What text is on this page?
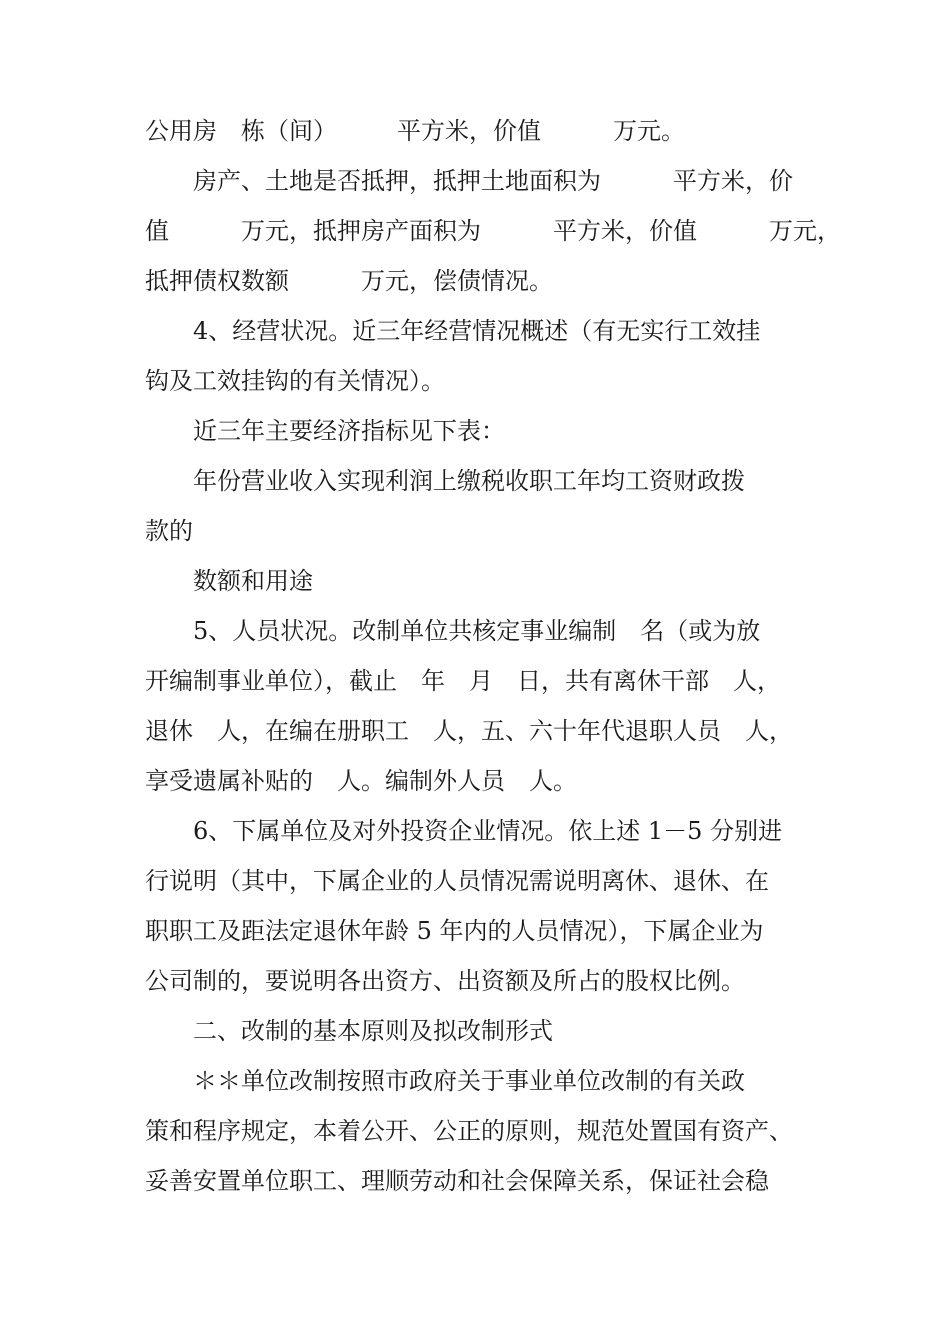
公用房　栋（间）　　　平方米，价值　　　万元。
　　房产、土地是否抵押，抵押土地面积为　　　平方米，价
值　　　万元，抵押房产面积为　　　平方米，价值　　　万元，
抵押债权数额　　　万元，偿债情况。
　　4、经营状况。近三年经营情况概述（有无实行工效挂
钩及工效挂钩的有关情况）。
　　近三年主要经济指标见下表：
　　年份营业收入实现利润上缴税收职工年均工资财政拨
款的
　　数额和用途
　　5、人员状况。改制单位共核定事业编制　名（或为放
开编制事业单位），截止　年　月　日，共有离休干部　人，
退休　人，在编在册职工　人，五、六十年代退职人员　人，
享受遗属补贴的　人。编制外人员　人。
　　6、下属单位及对外投资企业情况。依上述 1－5 分别进
行说明（其中，下属企业的人员情况需说明离休、退休、在
职职工及距法定退休年龄 5 年内的人员情况），下属企业为
公司制的，要说明各出资方、出资额及所占的股权比例。
　　二、改制的基本原则及拟改制形式
　　＊＊单位改制按照市政府关于事业单位改制的有关政
策和程序规定，本着公开、公正的原则，规范处置国有资产、
妥善安置单位职工、理顺劳动和社会保障关系，保证社会稳
